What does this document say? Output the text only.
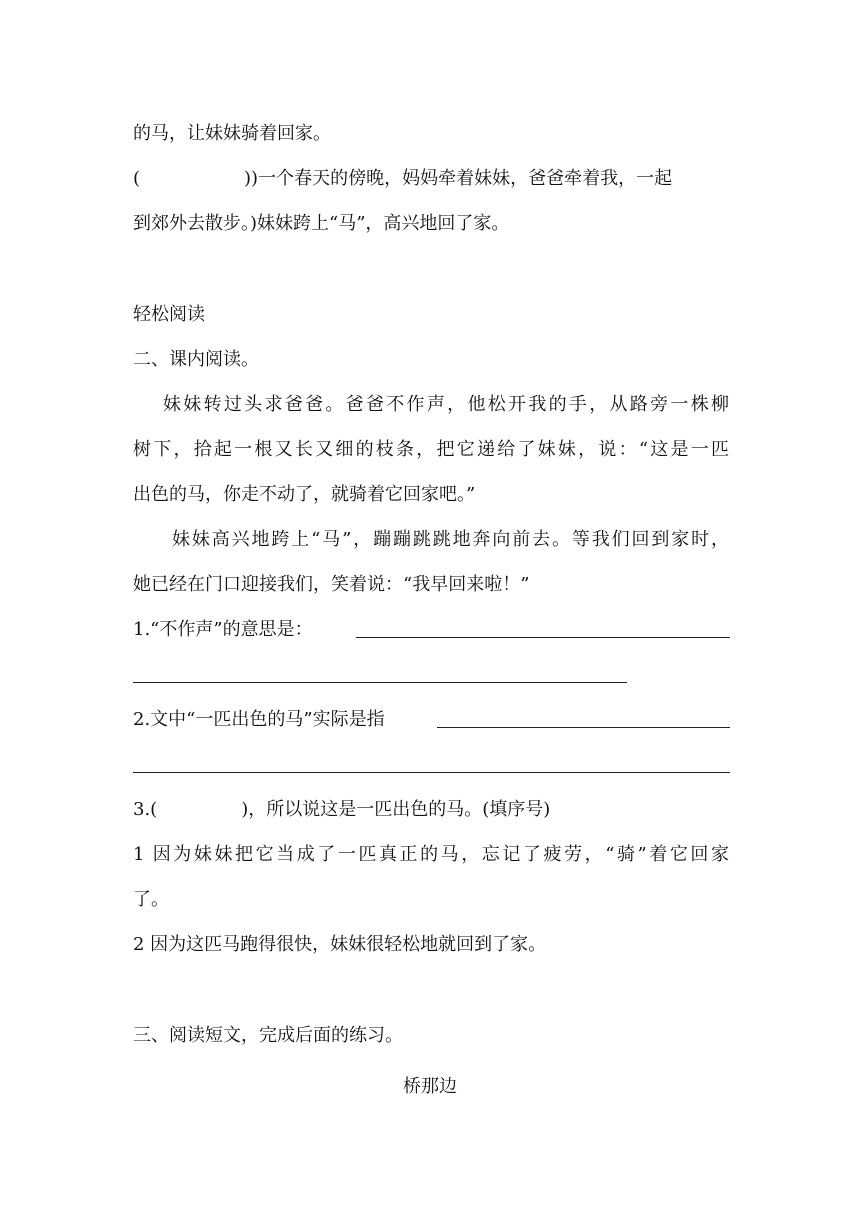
的马，让妹妹骑着回家。
(	))一个春天的傍晚，妈妈牵着妹妹，爸爸牵着我，一起
到郊外去散步。)妹妹跨上“马”，高兴地回了家。
轻松阅读
二、课内阅读。
妹妹转过头求爸爸。爸爸不作声，他松开我的手，从路旁一株柳
树下，拾起一根又长又细的枝条，把它递给了妹妹，说：“这是一匹
出色的马，你走不动了，就骑着它回家吧。”
妹妹高兴地跨上“马”，蹦蹦跳跳地奔向前去。等我们回到家时，
她已经在门口迎接我们，笑着说：“我早回来啦！”
1.“不作声”的意思是：
2.文中“一匹出色的马”实际是指
3.(	)，所以说这是一匹出色的马。(填序号)
1 因为妹妹把它当成了一匹真正的马，忘记了疲劳，“骑”着它回家
了。
2 因为这匹马跑得很快，妹妹很轻松地就回到了家。
三、阅读短文，完成后面的练习。
桥那边
